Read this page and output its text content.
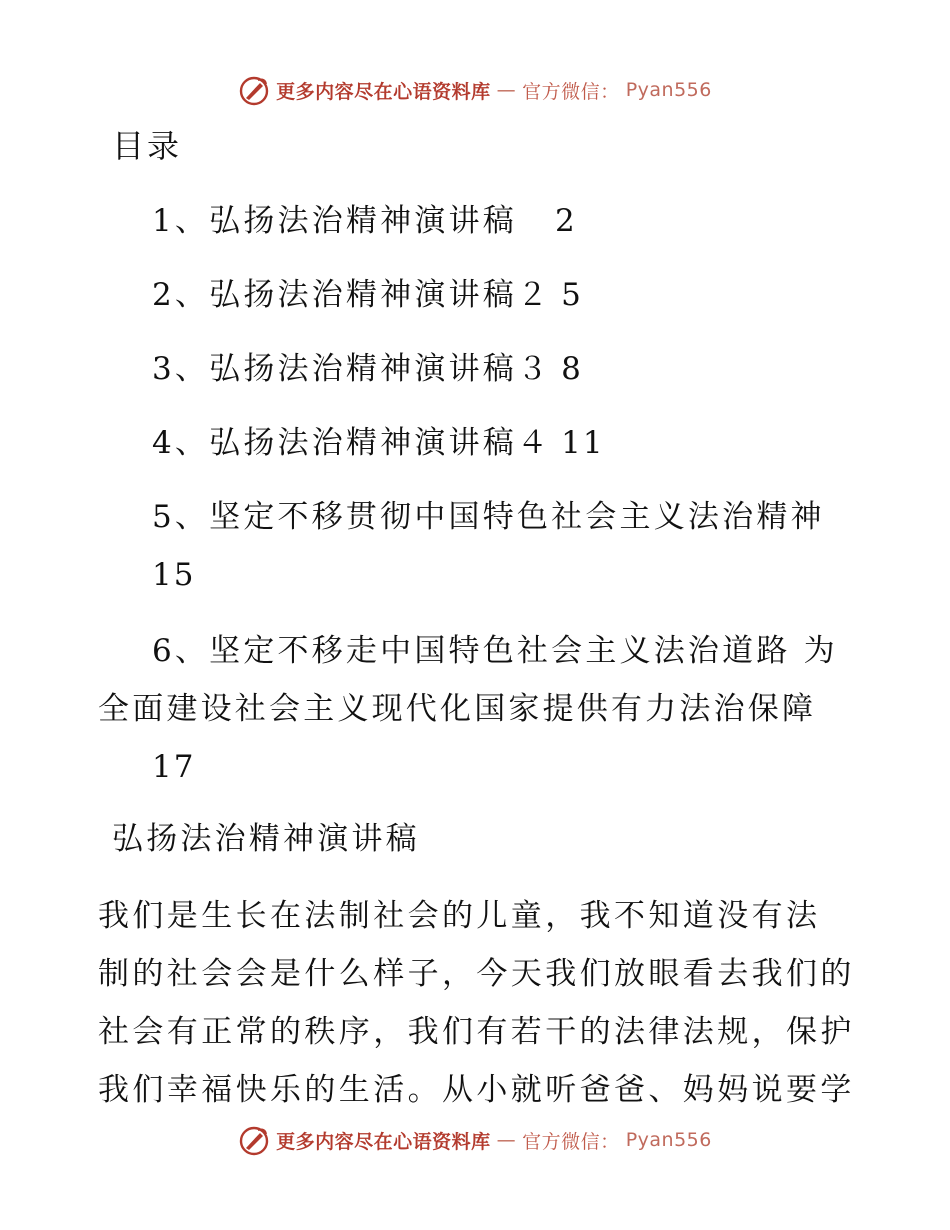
更多内容尽在心语资料库 — 官方微信： Pyan556
目录
1、弘扬法治精神演讲稿 2
2、弘扬法治精神演讲稿２ 5
3、弘扬法治精神演讲稿３ 8
4、弘扬法治精神演讲稿４ 11
5、坚定不移贯彻中国特色社会主义法治精神
15
6、坚定不移走中国特色社会主义法治道路 为
全面建设社会主义现代化国家提供有力法治保障
17
弘扬法治精神演讲稿
我们是生长在法制社会的儿童，我不知道没有法
制的社会会是什么样子，今天我们放眼看去我们的
社会有正常的秩序，我们有若干的法律法规，保护
我们幸福快乐的生活。从小就听爸爸、妈妈说要学
更多内容尽在心语资料库 — 官方微信： Pyan556
